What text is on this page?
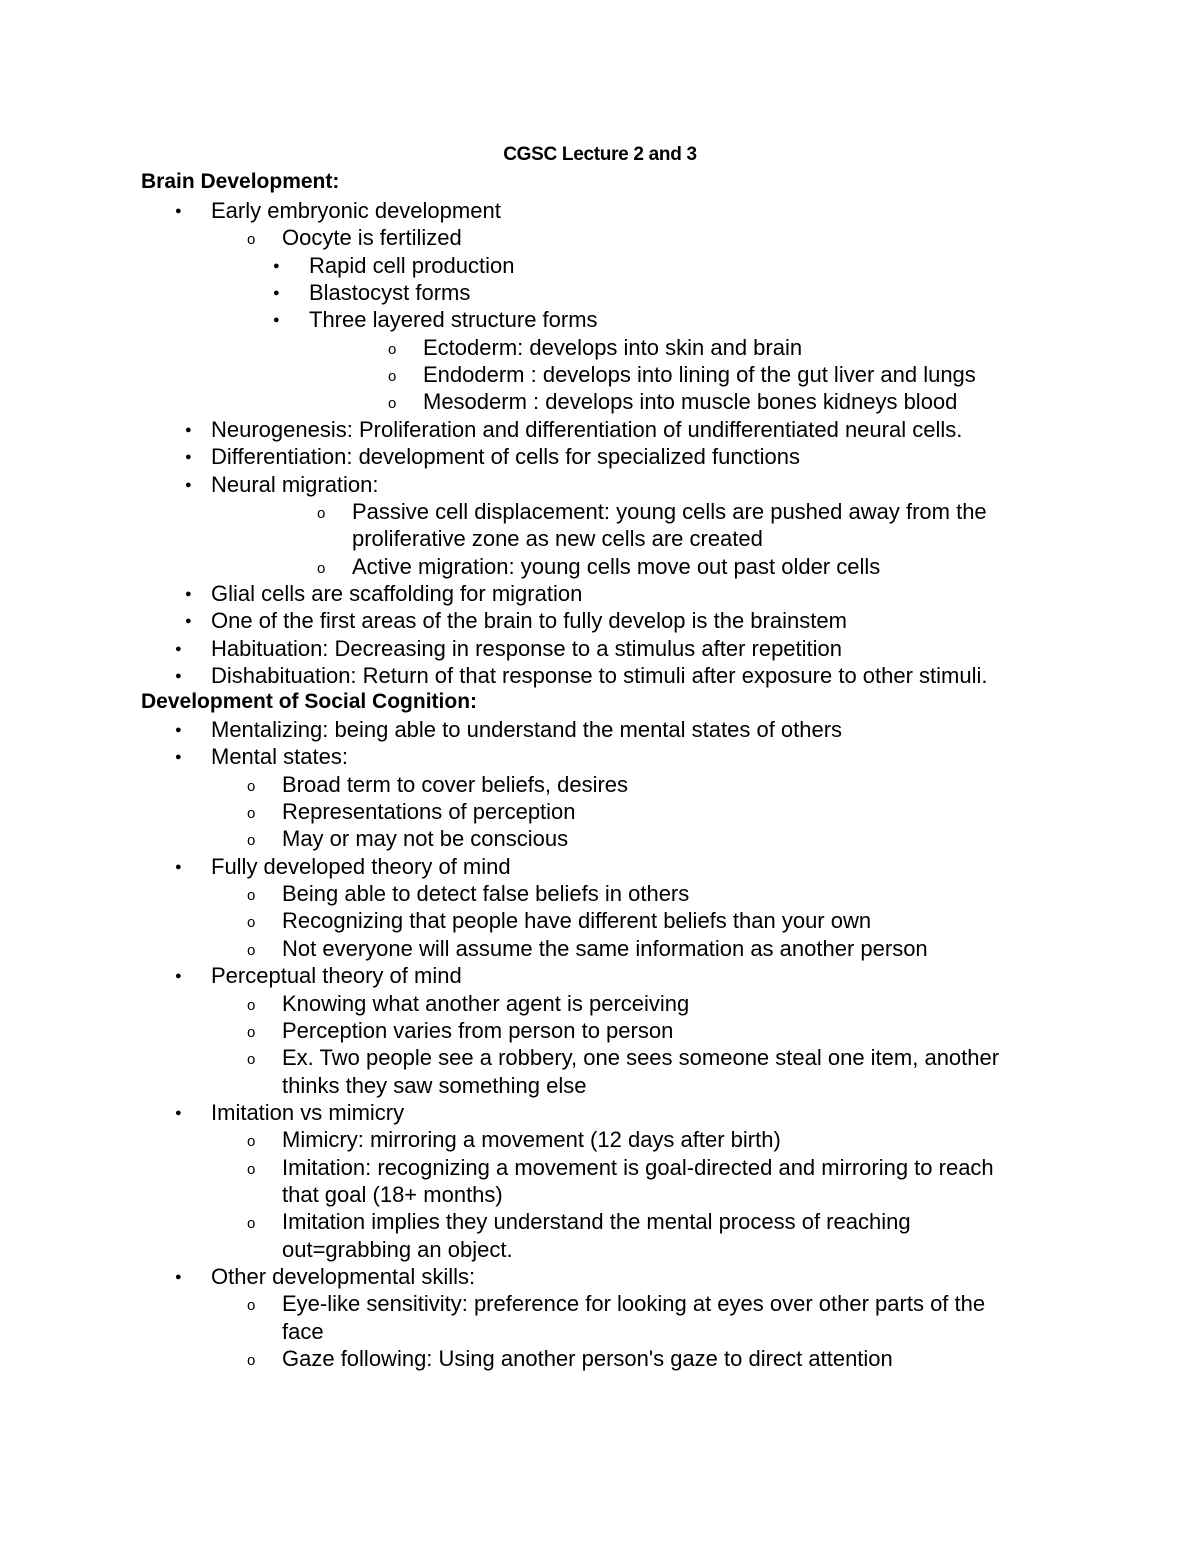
CGSC Lecture 2 and 3
Brain Development:
Early embryonic development
●
Oocyte is fertilized
o
Rapid cell production
●
Blastocyst forms
●
Three layered structure forms
●
Ectoderm: develops into skin and brain
o
Endoderm : develops into lining of the gut liver and lungs
o
Mesoderm : develops into muscle bones kidneys blood
o
Neurogenesis: Proliferation and differentiation of undifferentiated neural cells.
●
Differentiation: development of cells for specialized functions
●
Neural migration:
●
Passive cell displacement: young cells are pushed away from the
o
proliferative zone as new cells are created
Active migration: young cells move out past older cells
o
Glial cells are scaffolding for migration
●
One of the first areas of the brain to fully develop is the brainstem
●
Habituation: Decreasing in response to a stimulus after repetition
●
Dishabituation: Return of that response to stimuli after exposure to other stimuli.
●
Development of Social Cognition:
Mentalizing: being able to understand the mental states of others
●
Mental states:
●
Broad term to cover beliefs, desires
o
Representations of perception
o
May or may not be conscious
o
Fully developed theory of mind
●
Being able to detect false beliefs in others
o
Recognizing that people have different beliefs than your own
o
Not everyone will assume the same information as another person
o
Perceptual theory of mind
●
Knowing what another agent is perceiving
o
Perception varies from person to person
o
Ex. Two people see a robbery, one sees someone steal one item, another
o
thinks they saw something else
Imitation vs mimicry
●
Mimicry: mirroring a movement (12 days after birth)
o
Imitation: recognizing a movement is goal-directed and mirroring to reach
o
that goal (18+ months)
Imitation implies they understand the mental process of reaching
o
out=grabbing an object.
Other developmental skills:
●
Eye-like sensitivity: preference for looking at eyes over other parts of the
o
face
Gaze following: Using another person's gaze to direct attention
o
